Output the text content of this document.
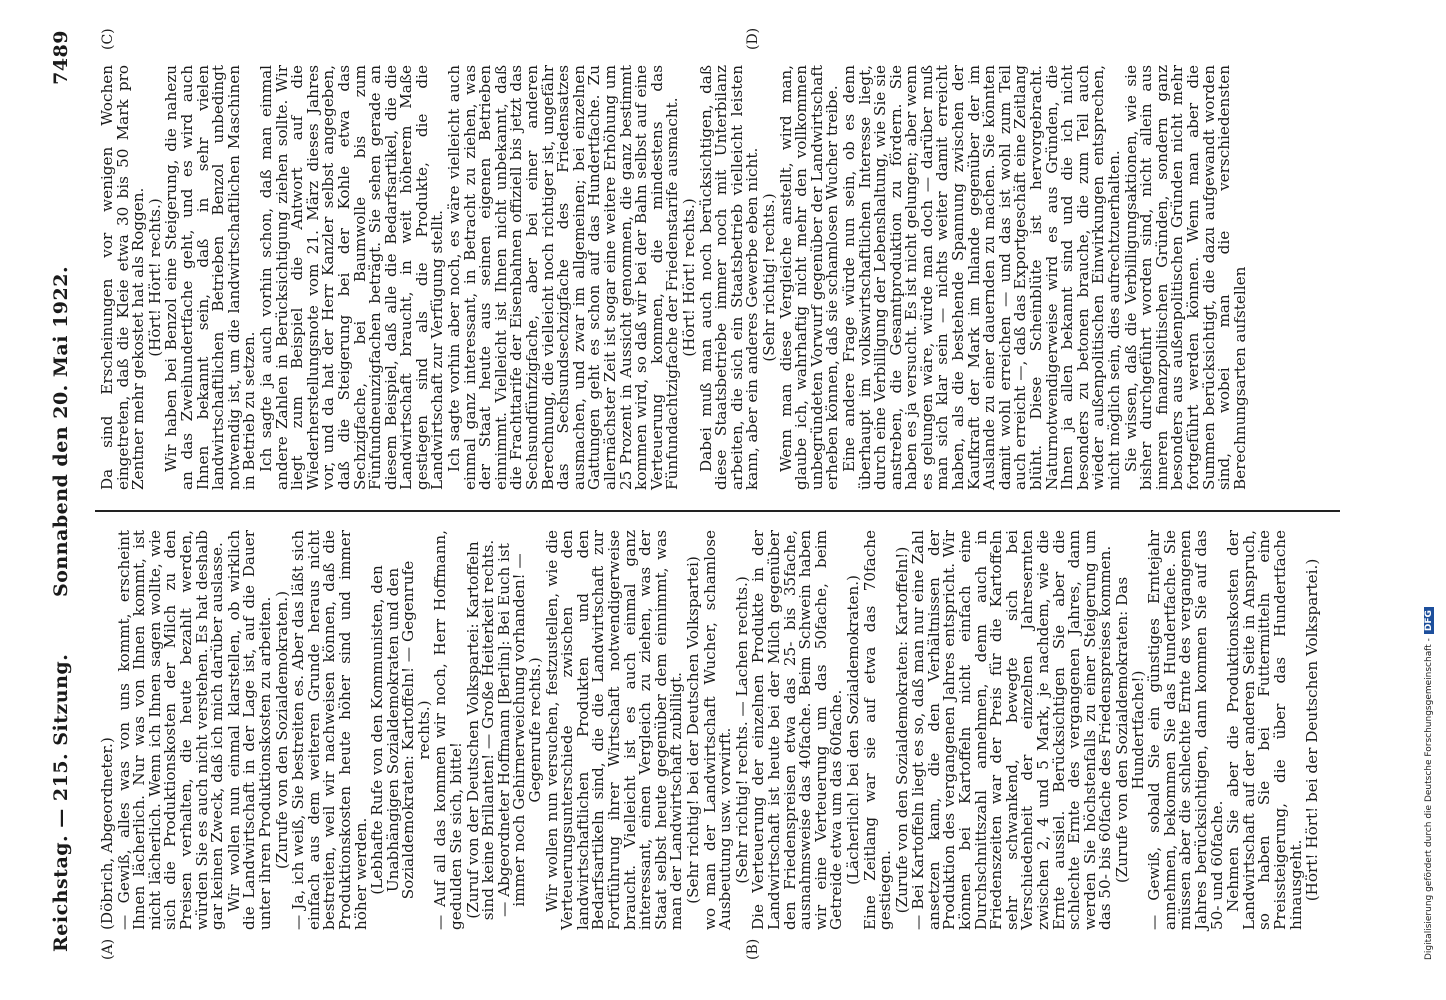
Reichstag. — 215. Sitzung.
Sonnabend den 20. Mai 1922.
7489
(A)	(B)
(C)	(D)

(Döbrich, Abgeordneter.)

— Gewiß, alles was von uns kommt, erscheint Ihnen lächerlich. Nur was von Ihnen kommt, ist nicht lächerlich. Wenn ich Ihnen sagen wollte, wie sich die Produktionskosten der Milch zu den Preisen verhalten, die heute bezahlt werden, würden Sie es auch nicht verstehen. Es hat deshalb gar keinen Zweck, daß ich mich darüber auslasse.

Wir wollen nun einmal klarstellen, ob wirklich die Landwirtschaft in der Lage ist, auf die Dauer unter ihren Produktionskosten zu arbeiten.

(Zurufe von den Sozialdemokraten.)

— Ja, ich weiß, Sie bestreiten es. Aber das läßt sich einfach aus dem weiteren Grunde heraus nicht bestreiten, weil wir nachweisen können, daß die Produktionskosten heute höher sind und immer höher werden.

(Lebhafte Rufe von den Kommunisten, den Unabhängigen Sozialdemokraten und den Sozialdemokraten: Kartoffeln! — Gegenrufe rechts.)

— Auf all das kommen wir noch, Herr Hoffmann, gedulden Sie sich, bitte!

(Zuruf von der Deutschen Volkspartei: Kartoffeln sind keine Brillanten! — Große Heiterkeit rechts. — Abgeordneter Hoffmann [Berlin]: Bei Euch ist immer noch Gehirnerweichung vorhanden! — Gegenrufe rechts.)

Wir wollen nun versuchen, festzustellen, wie die Verteuerungsunterschiede zwischen den landwirtschaftlichen Produkten und den Bedarfsartikeln sind, die die Landwirtschaft zur Fortführung ihrer Wirtschaft notwendigerweise braucht. Vielleicht ist es auch einmal ganz interessant, einen Vergleich zu ziehen, was der Staat selbst heute gegenüber dem einnimmt, was man der Landwirtschaft zubilligt.

(Sehr richtig! bei der Deutschen Volkspartei)

wo man der Landwirtschaft Wucher, schamlose Ausbeutung usw. vorwirft.

(Sehr richtig! rechts. — Lachen rechts.)

Die Verteuerung der einzelnen Produkte in der Landwirtschaft ist heute bei der Milch gegenüber den Friedenspreisen etwa das 25- bis 35fache, ausnahmsweise das 40fache. Beim Schwein haben wir eine Verteuerung um das 50fache, beim Getreide etwa um das 60fache.

(Lächerlich! bei den Sozialdemokraten.)

Eine Zeitlang war sie auf etwa das 70fache gestiegen.

(Zurufe von den Sozialdemokraten: Kartoffeln!)

— Bei Kartoffeln liegt es so, daß man nur eine Zahl ansetzen kann, die den Verhältnissen der Produktion des vergangenen Jahres entspricht. Wir können bei Kartoffeln nicht einfach eine Durchschnittszahl annehmen, denn auch in Friedenszeiten war der Preis für die Kartoffeln sehr schwankend, bewegte sich bei Verschiedenheit der einzelnen Jahresernten zwischen 2, 4 und 5 Mark, je nachdem, wie die Ernte aussiel. Berücksichtigen Sie aber die schlechte Ernte des vergangenen Jahres, dann werden Sie höchstenfalls zu einer Steigerung um das 50- bis 60fache des Friedenspreises kommen.

(Zurufe von den Sozialdemokraten: Das Hundertfache!)

— Gewiß, sobald Sie ein günstiges Erntejahr annehmen, bekommen Sie das Hundertfache. Sie müssen aber die schlechte Ernte des vergangenen Jahres berücksichtigen, dann kommen Sie auf das 50- und 60fache.

Nehmen Sie aber die Produktionskosten der Landwirtschaft auf der anderen Seite in Anspruch, so haben Sie bei Futtermitteln eine Preissteigerung, die über das Hundertfache hinausgeht.

(Hört! Hört! bei der Deutschen Volkspartei.)

Da sind Erscheinungen vor wenigen Wochen eingetreten, daß die Kleie etwa 30 bis 50 Mark pro Zentner mehr gekostet hat als Roggen.

(Hört! Hört! rechts.)

Wir haben bei Benzol eine Steigerung, die nahezu an das Zweihundertfache geht, und es wird auch Ihnen bekannt sein, daß in sehr vielen landwirtschaftlichen Betrieben Benzol unbedingt notwendig ist, um die landwirtschaftlichen Maschinen in Betrieb zu setzen.

Ich sagte ja auch vorhin schon, daß man einmal andere Zahlen in Berücksichtigung ziehen sollte. Wir liegt zum Beispiel die Antwort auf die Wiederherstellungsnote vom 21. März dieses Jahres vor, und da hat der Herr Kanzler selbst angegeben, daß die Steigerung bei der Kohle etwa das Sechzigfache, bei Baumwolle bis zum Fünfundneunzigfachen beträgt. Sie sehen gerade an diesem Beispiel, daß alle die Bedarfsartikel, die die Landwirtschaft braucht, in weit höherem Maße gestiegen sind als die Produkte, die die Landwirtschaft zur Verfügung stellt.

Ich sagte vorhin aber noch, es wäre vielleicht auch einmal ganz interessant, in Betracht zu ziehen, was der Staat heute aus seinen eigenen Betrieben einnimmt. Vielleicht ist Ihnen nicht unbekannt, daß die Frachttarife der Eisenbahnen offiziell bis jetzt das Sechsundfünfzigfache, aber bei einer anderen Berechnung, die vielleicht noch richtiger ist, ungefähr das Sechsundsechzigfache des Friedensatzes ausmachen, und zwar im allgemeinen; bei einzelnen Gattungen geht es schon auf das Hundertfache. Zu allernächster Zeit ist sogar eine weitere Erhöhung um 25 Prozent in Aussicht genommen, die ganz bestimmt kommen wird, so daß wir bei der Bahn selbst auf eine Verteuerung kommen, die mindestens das Fünfundachtzigfache der Friedenstarife ausmacht.

(Hört! Hört! rechts.)

Dabei muß man auch noch berücksichtigen, daß diese Staatsbetriebe immer noch mit Unterbilanz arbeiten, die sich ein Staatsbetrieb vielleicht leisten kann, aber ein anderes Gewerbe eben nicht.

(Sehr richtig! rechts.)

Wenn man diese Vergleiche anstellt, wird man, glaube ich, wahrhaftig nicht mehr den vollkommen unbegründeten Vorwurf gegenüber der Landwirtschaft erheben können, daß sie schamlosen Wucher treibe.

Eine andere Frage würde nun sein, ob es denn überhaupt im volkswirtschaftlichen Interesse liegt, durch eine Verbilligung der Lebenshaltung, wie Sie sie anstreben, die Gesamtproduktion zu fördern. Sie haben es ja versucht. Es ist nicht gelungen; aber wenn es gelungen wäre, würde man doch — darüber muß man sich klar sein — nichts weiter damit erreicht haben, als die bestehende Spannung zwischen der Kaufkraft der Mark im Inlande gegenüber der im Auslande zu einer dauernden zu machen. Sie könnten damit wohl erreichen — und das ist wohl zum Teil auch erreicht —, daß das Exportgeschäft eine Zeitlang blüht. Diese Scheinblüte ist hervorgebracht. Naturnotwendigerweise wird es aus Gründen, die Ihnen ja allen bekannt sind und die ich nicht besonders zu betonen brauche, die zum Teil auch wieder außenpolitischen Einwirkungen entsprechen, nicht möglich sein, dies aufrechtzuerhalten.

Sie wissen, daß die Verbilligungsaktionen, wie sie bisher durchgeführt worden sind, nicht allein aus inneren finanzpolitischen Gründen, sondern ganz besonders aus außenpolitischen Gründen nicht mehr fortgeführt werden können. Wenn man aber die Summen berücksichtigt, die dazu aufgewandt worden sind, wobei man die verschiedensten Berechnungsarten aufstellen

Digitalisierung gefördert durch die Deutsche Forschungsgemeinschaft -DFG
